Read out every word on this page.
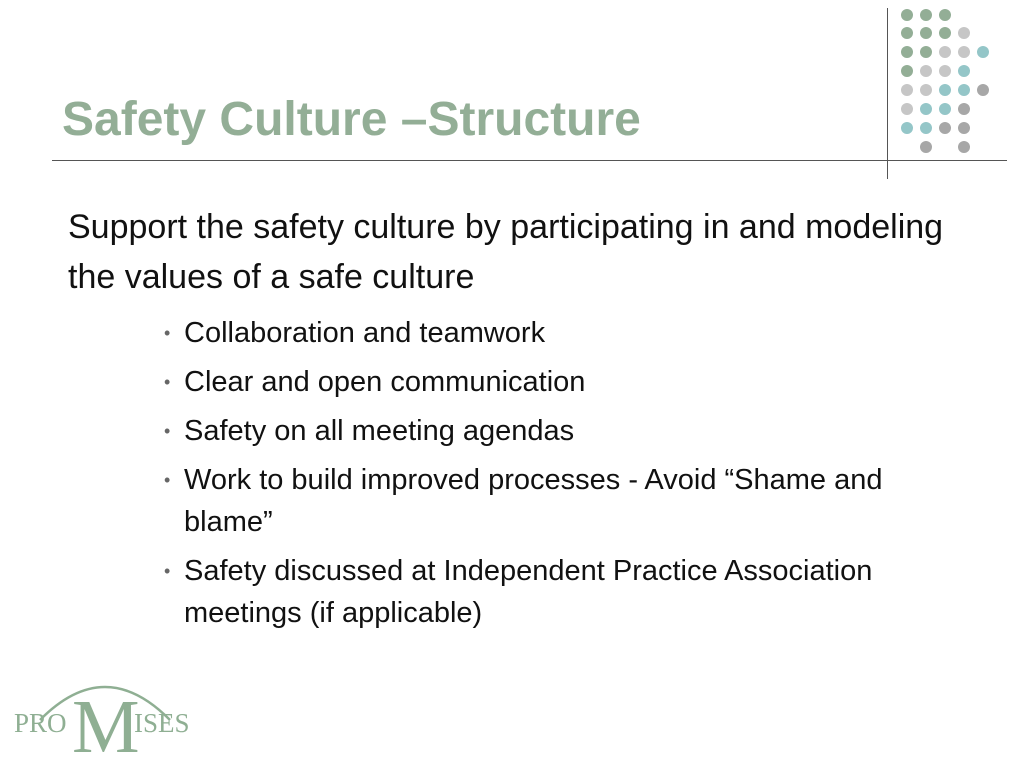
Safety Culture –Structure

Support the safety culture by participating in and modeling the values of a safe culture

• Collaboration and teamwork
• Clear and open communication
• Safety on all meeting agendas
• Work to build improved processes - Avoid “Shame and blame”
• Safety discussed at Independent Practice Association meetings (if applicable)
PRO M
ISES
